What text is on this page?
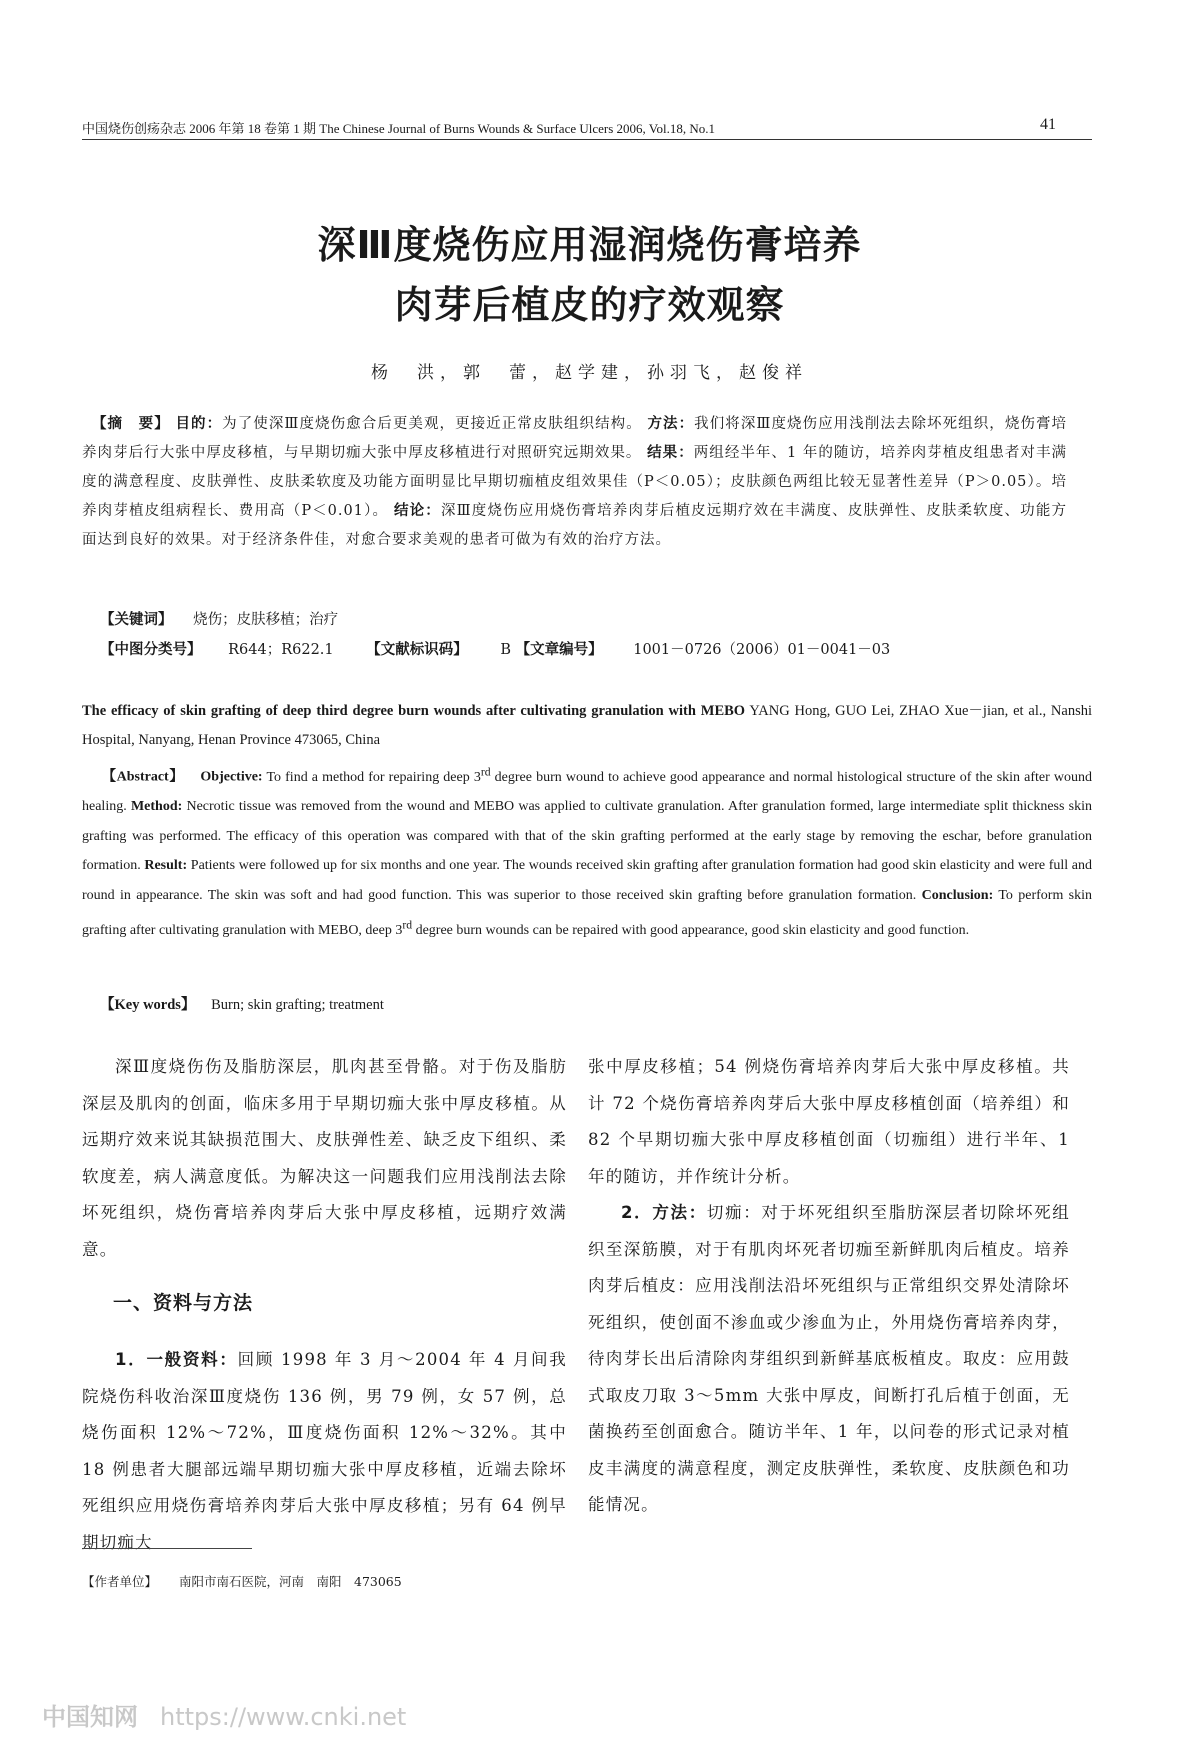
中国烧伤创疡杂志 2006 年第 18 卷第 1 期 The Chinese Journal of Burns Wounds & Surface Ulcers 2006, Vol.18, No.1	41
深Ⅲ度烧伤应用湿润烧伤膏培养
肉芽后植皮的疗效观察
杨　洪，郭　蕾，赵学建，孙羽飞，赵俊祥
【摘　要】 目的：为了使深Ⅲ度烧伤愈合后更美观，更接近正常皮肤组织结构。 方法：我们将深Ⅲ度烧伤应用浅削法去除坏死组织，烧伤膏培养肉芽后行大张中厚皮移植，与早期切痂大张中厚皮移植进行对照研究远期效果。 结果：两组经半年、1 年的随访，培养肉芽植皮组患者对丰满度的满意程度、皮肤弹性、皮肤柔软度及功能方面明显比早期切痂植皮组效果佳（P＜0.05）；皮肤颜色两组比较无显著性差异（P＞0.05）。培养肉芽植皮组病程长、费用高（P＜0.01）。 结论：深Ⅲ度烧伤应用烧伤膏培养肉芽后植皮远期疗效在丰满度、皮肤弹性、皮肤柔软度、功能方面达到良好的效果。对于经济条件佳，对愈合要求美观的患者可做为有效的治疗方法。
【关键词】 烧伤；皮肤移植；治疗
【中图分类号】 R644；R622.1 【文献标识码】 B 【文章编号】 1001－0726（2006）01－0041－03
The efficacy of skin grafting of deep third degree burn wounds after cultivating granulation with MEBO YANG Hong, GUO Lei, ZHAO Xue－jian, et al., Nanshi Hospital, Nanyang, Henan Province 473065, China
【Abstract】 Objective: To find a method for repairing deep 3rd degree burn wound to achieve good appearance and normal histological structure of the skin after wound healing. Method: Necrotic tissue was removed from the wound and MEBO was applied to cultivate granulation. After granulation formed, large intermediate split thickness skin grafting was performed. The efficacy of this operation was compared with that of the skin grafting performed at the early stage by removing the eschar, before granulation formation. Result: Patients were followed up for six months and one year. The wounds received skin grafting after granulation formation had good skin elasticity and were full and round in appearance. The skin was soft and had good function. This was superior to those received skin grafting before granulation formation. Conclusion: To perform skin grafting after cultivating granulation with MEBO, deep 3rd degree burn wounds can be repaired with good appearance, good skin elasticity and good function.
【Key words】 Burn; skin grafting; treatment

深Ⅲ度烧伤伤及脂肪深层，肌肉甚至骨骼。对于伤及脂肪深层及肌肉的创面，临床多用于早期切痂大张中厚皮移植。从远期疗效来说其缺损范围大、皮肤弹性差、缺乏皮下组织、柔软度差，病人满意度低。为解决这一问题我们应用浅削法去除坏死组织，烧伤膏培养肉芽后大张中厚皮移植，远期疗效满意。

一、资料与方法

1．一般资料：回顾 1998 年 3 月～2004 年 4 月间我院烧伤科收治深Ⅲ度烧伤 136 例，男 79 例，女 57 例，总烧伤面积 12%～72%，Ⅲ度烧伤面积 12%～32%。其中 18 例患者大腿部远端早期切痂大张中厚皮移植，近端去除坏死组织应用烧伤膏培养肉芽后大张中厚皮移植；另有 64 例早期切痂大

张中厚皮移植；54 例烧伤膏培养肉芽后大张中厚皮移植。共计 72 个烧伤膏培养肉芽后大张中厚皮移植创面（培养组）和 82 个早期切痂大张中厚皮移植创面（切痂组）进行半年、1 年的随访，并作统计分析。

2．方法：切痂：对于坏死组织至脂肪深层者切除坏死组织至深筋膜，对于有肌肉坏死者切痂至新鲜肌肉后植皮。培养肉芽后植皮：应用浅削法沿坏死组织与正常组织交界处清除坏死组织，使创面不渗血或少渗血为止，外用烧伤膏培养肉芽，待肉芽长出后清除肉芽组织到新鲜基底板植皮。取皮：应用鼓式取皮刀取 3～5mm 大张中厚皮，间断打孔后植于创面，无菌换药至创面愈合。随访半年、1 年，以问卷的形式记录对植皮丰满度的满意程度，测定皮肤弹性，柔软度、皮肤颜色和功能情况。

【作者单位】 南阳市南石医院，河南　南阳　473065
中国知网 https://www.cnki.net
